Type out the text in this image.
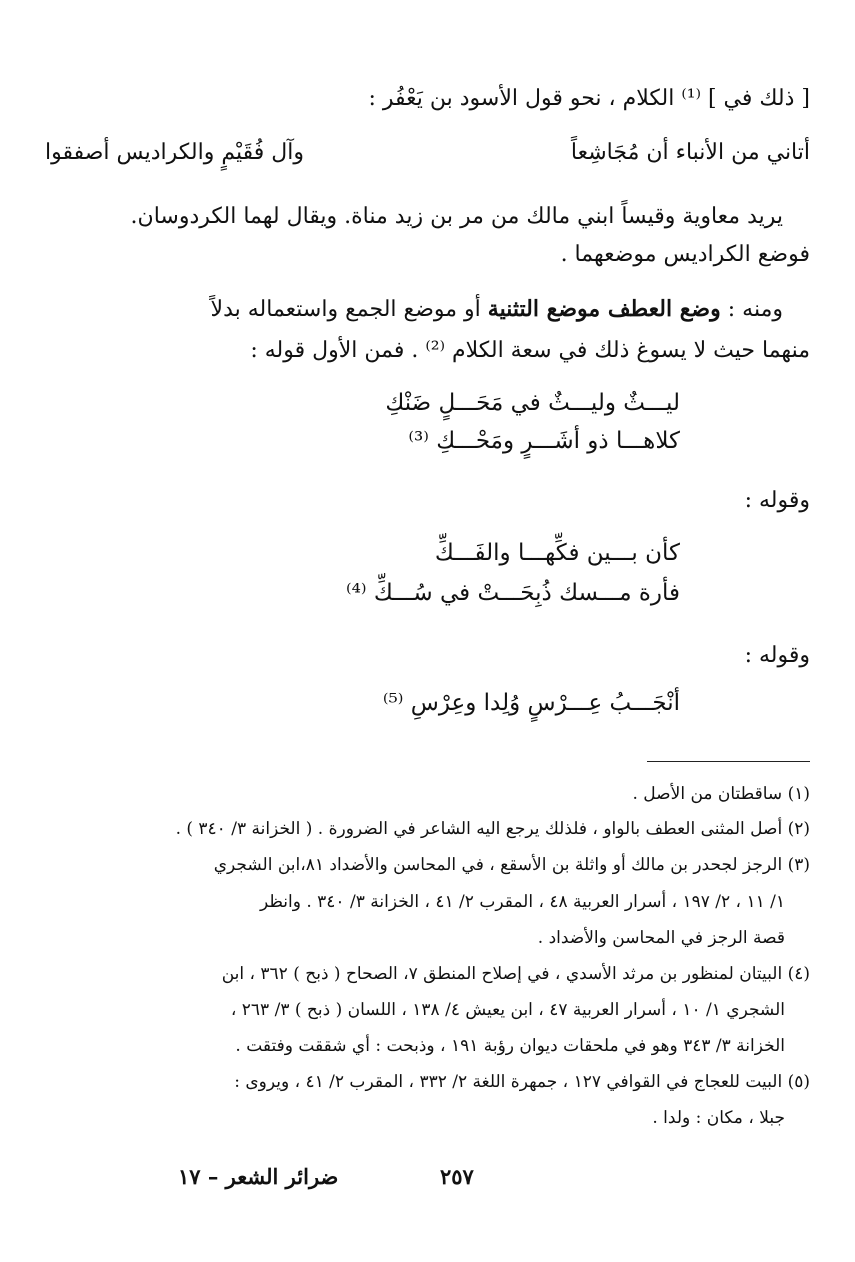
[ ذلك في ] ⁽¹⁾ الكلام ، نحو قول الأسود بن يَعْفُر :
أتاني من الأنباء أن مُجَاشِعاً
وآل فُقَيْمٍ والكراديس أصفقوا
يريد معاوية وقيساً ابني مالك من مر بن زيد مناة. ويقال لهما الكردوسان.
فوضع الكراديس موضعهما .
ومنه : وضع العطف موضع التثنية أو موضع الجمع واستعماله بدلاً
منهما حيث لا يسوغ ذلك في سعة الكلام ⁽²⁾ . فمن الأول قوله :
ليـــثٌ وليـــثٌ في مَحَـــلٍ ضَنْكِ
كلاهـــا ذو أشَـــرٍ ومَحْـــكِ ⁽³⁾
وقوله :
كأن بـــين فكِّهـــا والفَـــكِّ
فأرة مـــسك ذُبِحَـــتْ في سُـــكِّ ⁽⁴⁾
وقوله :
أنْجَـــبُ عِـــرْسٍ وُلِدا وعِرْسِ ⁽⁵⁾
(١) ساقطتان من الأصل .
(٢) أصل المثنى العطف بالواو ، فلذلك يرجع اليه الشاعر في الضرورة . ( الخزانة ٣/ ٣٤٠ ) .
(٣) الرجز لجحدر بن مالك أو واثلة بن الأسقع ، في المحاسن والأضداد ٨١،ابن الشجري
١/ ١١ ، ٢/ ١٩٧ ، أسرار العربية ٤٨ ، المقرب ٢/ ٤١ ، الخزانة ٣/ ٣٤٠ . وانظر
قصة الرجز في المحاسن والأضداد .
(٤) البيتان لمنظور بن مرثد الأسدي ، في إصلاح المنطق ٧، الصحاح ( ذبح ) ٣٦٢ ، ابن
الشجري ١/ ١٠ ، أسرار العربية ٤٧ ، ابن يعيش ٤/ ١٣٨ ، اللسان ( ذبح ) ٣/ ٢٦٣ ،
الخزانة ٣/ ٣٤٣ وهو في ملحقات ديوان رؤبة ١٩١ ، وذبحت : أي شققت وفتقت .
(٥) البيت للعجاج في القوافي ١٢٧ ، جمهرة اللغة ٢/ ٣٣٢ ، المقرب ٢/ ٤١ ، ويروى :
جبلا ، مكان : ولدا .
٢٥٧
ضرائر الشعر – ١٧
